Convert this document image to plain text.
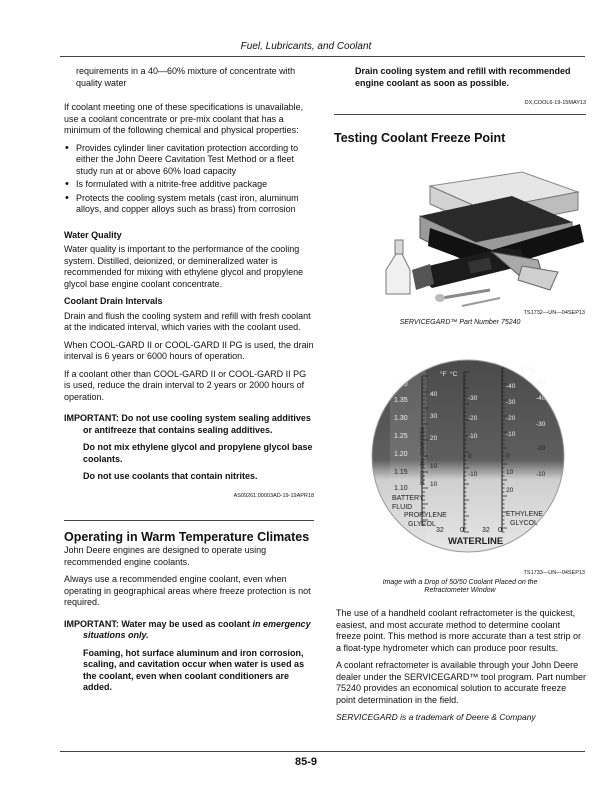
Fuel, Lubricants, and Coolant

requirements in a 40—60% mixture of concentrate with quality water

If coolant meeting one of these specifications is unavailable, use a coolant concentrate or pre-mix coolant that has a minimum of the following chemical and physical properties:

• Provides cylinder liner cavitation protection according to either the John Deere Cavitation Test Method or a fleet study run at or above 60% load capacity
• Is formulated with a nitrite-free additive package
• Protects the cooling system metals (cast iron, aluminum alloys, and copper alloys such as brass) from corrosion
Water Quality

Water quality is important to the performance of the cooling system. Distilled, deionized, or demineralized water is recommended for mixing with ethylene glycol and propylene glycol base engine coolant concentrate.

Coolant Drain Intervals

Drain and flush the cooling system and refill with fresh coolant at the indicated interval, which varies with the coolant used.

When COOL-GARD II or COOL-GARD II PG is used, the drain interval is 6 years or 6000 hours of operation.

If a coolant other than COOL-GARD II or COOL-GARD II PG is used, reduce the drain interval to 2 years or 2000 hours of operation.

IMPORTANT: Do not use cooling system sealing additives or antifreeze that contains sealing additives.

Do not mix ethylene glycol and propylene glycol base coolants.

Do not use coolants that contain nitrites.

AS09261,00003AD-19-19APR18
Operating in Warm Temperature Climates

John Deere engines are designed to operate using recommended engine coolants.

Always use a recommended engine coolant, even when operating in geographical areas where freeze protection is not required.

IMPORTANT: Water may be used as coolant in emergency situations only.

Foaming, hot surface aluminum and iron corrosion, scaling, and cavitation occur when water is used as the coolant, even when coolant conditioners are added.

Drain cooling system and refill with recommended engine coolant as soon as possible.

DX,COOL6-19-15MAY13
Testing Coolant Freeze Point
TS1732—UN—04SEP13
SERVICEGARD™ Part Number 75240
1.40
1.35
1.30
1.25
1.20
1.15
1.10
BATTERY
FLUID
PROPYLENE
GLYCOL
ETHYLENE
GLYCOL
32 0	32 0
WATERLINE
°F °C
°F °C
40
30
20
-30
-20
-10
-40
-30
-20
-10
-50
-40
-30
10
10
0
-10
0
10
20
-20
-10
RECHARGE FAIR GOOD
TS1733—UN—04SEP13
Image with a Drop of 50/50 Coolant Placed on the
Refractometer Window

The use of a handheld coolant refractometer is the quickest, easiest, and most accurate method to determine coolant freeze point. This method is more accurate than a test strip or a float-type hydrometer which can produce poor results.

A coolant refractometer is available through your John Deere dealer under the SERVICEGARD™ tool program. Part number 75240 provides an economical solution to accurate freeze point determination in the field.

SERVICEGARD is a trademark of Deere & Company

85-9
